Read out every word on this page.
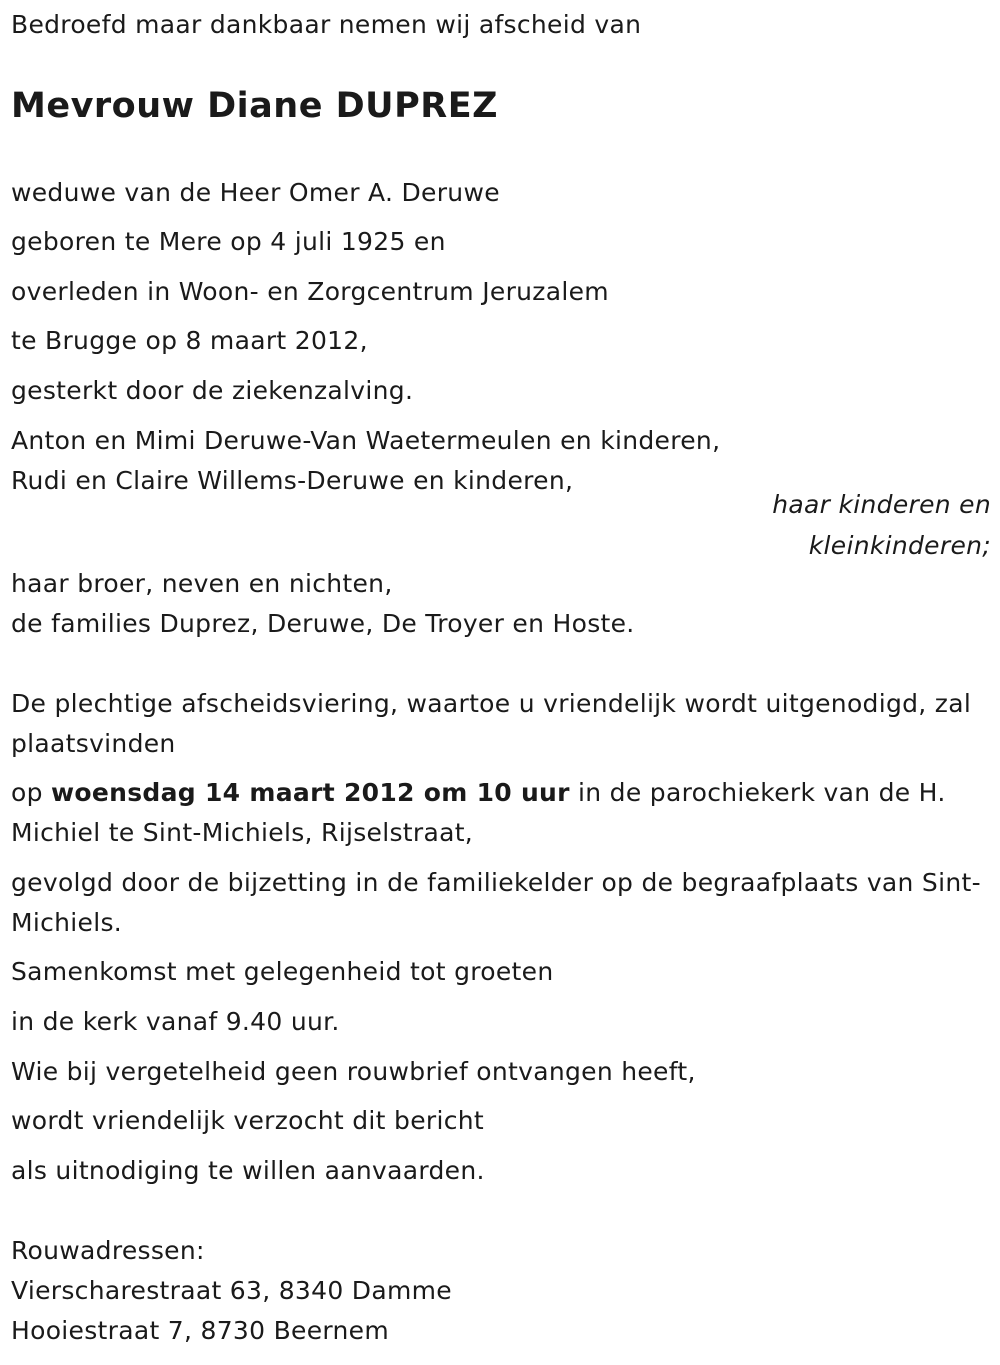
Bedroefd maar dankbaar nemen wij afscheid van
Mevrouw Diane DUPREZ
weduwe van de Heer Omer A. Deruwe
geboren te Mere op 4 juli 1925 en
overleden in Woon- en Zorgcentrum Jeruzalem
te Brugge op 8 maart 2012,
gesterkt door de ziekenzalving.
Anton en Mimi Deruwe-Van Waetermeulen en kinderen,
Rudi en Claire Willems-Deruwe en kinderen,
haar kinderen en
kleinkinderen;
haar broer, neven en nichten,
de families Duprez, Deruwe, De Troyer en Hoste.
De plechtige afscheidsviering, waartoe u vriendelijk wordt uitgenodigd, zal plaatsvinden
op woensdag 14 maart 2012 om 10 uur in de parochiekerk van de H. Michiel te Sint-Michiels, Rijselstraat,
gevolgd door de bijzetting in de familiekelder op de begraafplaats van Sint-Michiels.
Samenkomst met gelegenheid tot groeten
in de kerk vanaf 9.40 uur.
Wie bij vergetelheid geen rouwbrief ontvangen heeft,
wordt vriendelijk verzocht dit bericht
als uitnodiging te willen aanvaarden.
Rouwadressen:
Vierscharestraat 63, 8340 Damme
Hooiestraat 7, 8730 Beernem
